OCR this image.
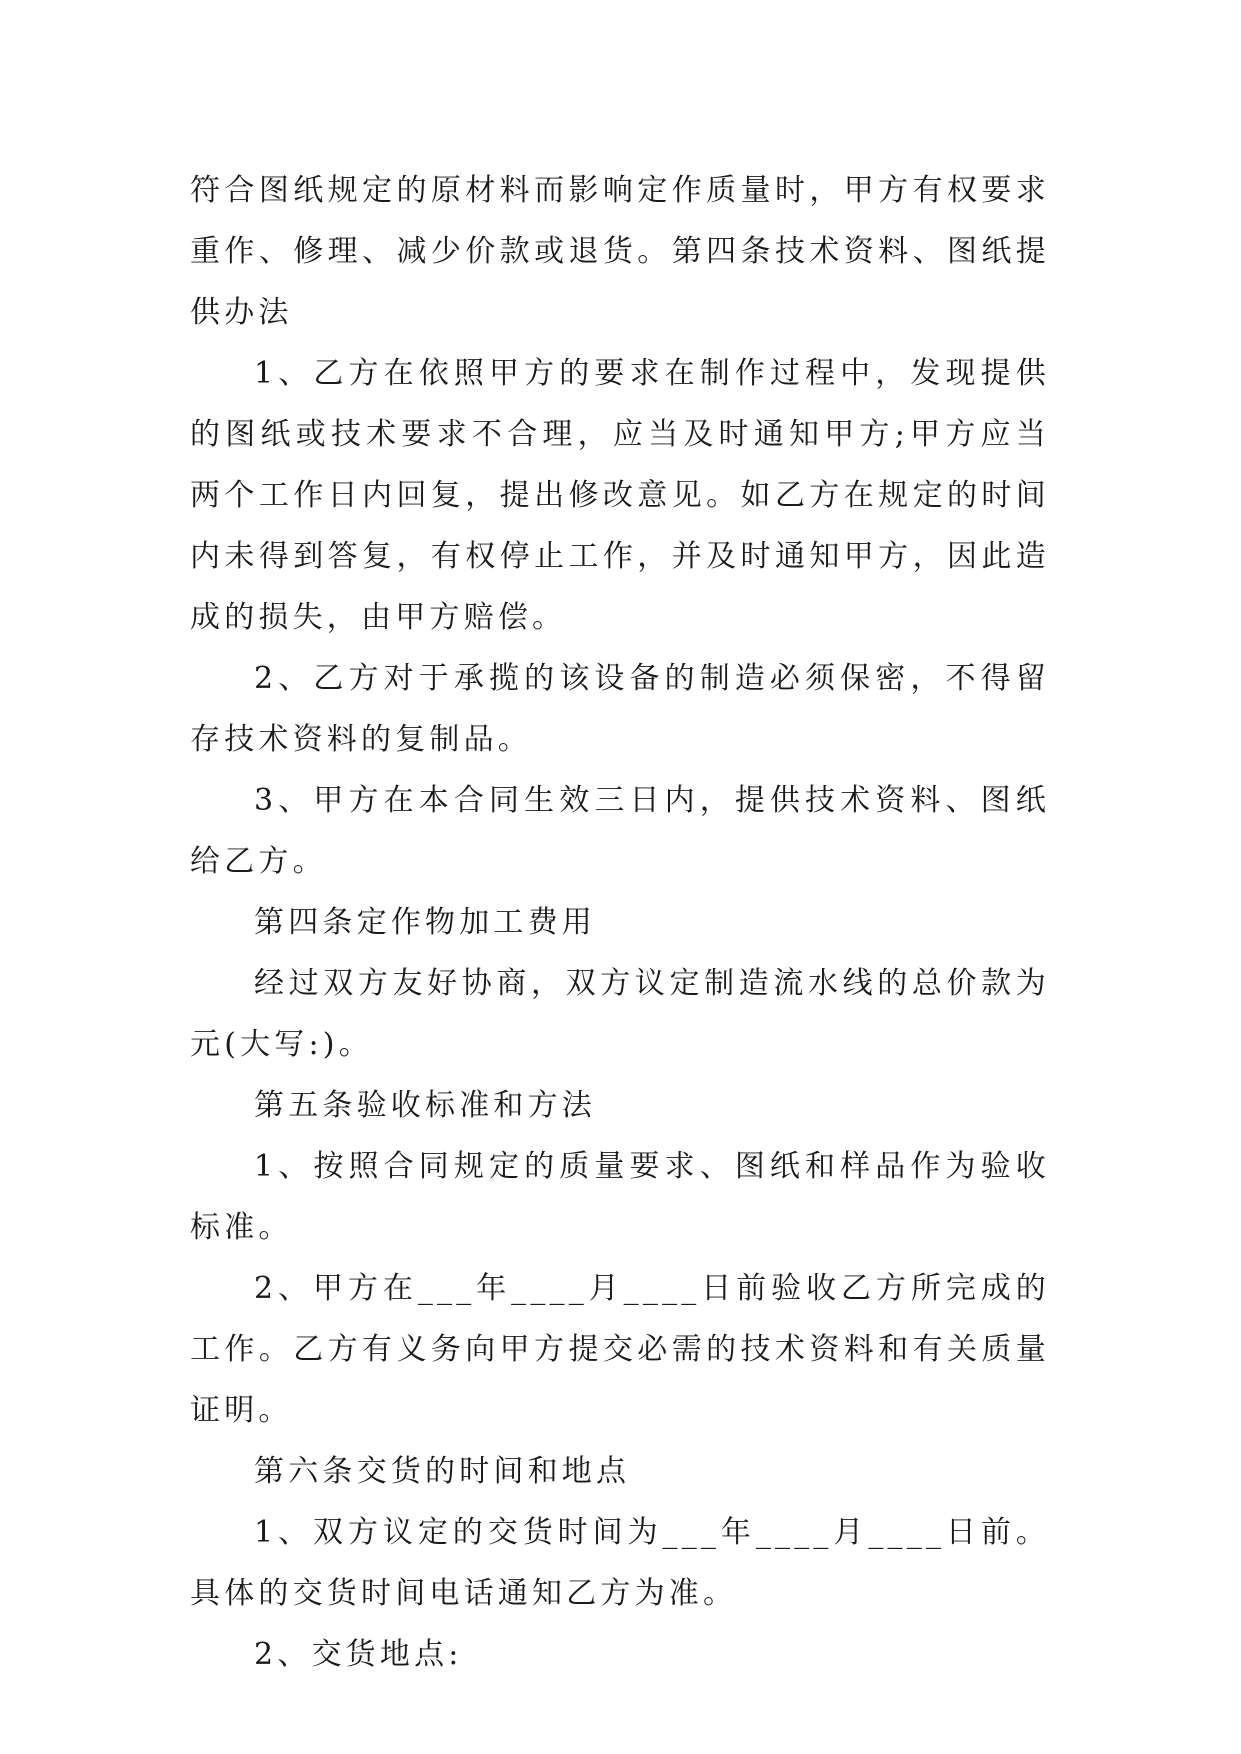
符合图纸规定的原材料而影响定作质量时，甲方有权要求重作、修理、减少价款或退货。第四条技术资料、图纸提供办法

1、乙方在依照甲方的要求在制作过程中，发现提供的图纸或技术要求不合理，应当及时通知甲方;甲方应当两个工作日内回复，提出修改意见。如乙方在规定的时间内未得到答复，有权停止工作，并及时通知甲方，因此造成的损失，由甲方赔偿。

2、乙方对于承揽的该设备的制造必须保密，不得留存技术资料的复制品。

3、甲方在本合同生效三日内，提供技术资料、图纸给乙方。

第四条定作物加工费用

经过双方友好协商，双方议定制造流水线的总价款为元(大写:)。

第五条验收标准和方法

1、按照合同规定的质量要求、图纸和样品作为验收标准。

2、甲方在___年____月____日前验收乙方所完成的工作。乙方有义务向甲方提交必需的技术资料和有关质量证明。

第六条交货的时间和地点

1、双方议定的交货时间为___年____月____日前。具体的交货时间电话通知乙方为准。

2、交货地点:
